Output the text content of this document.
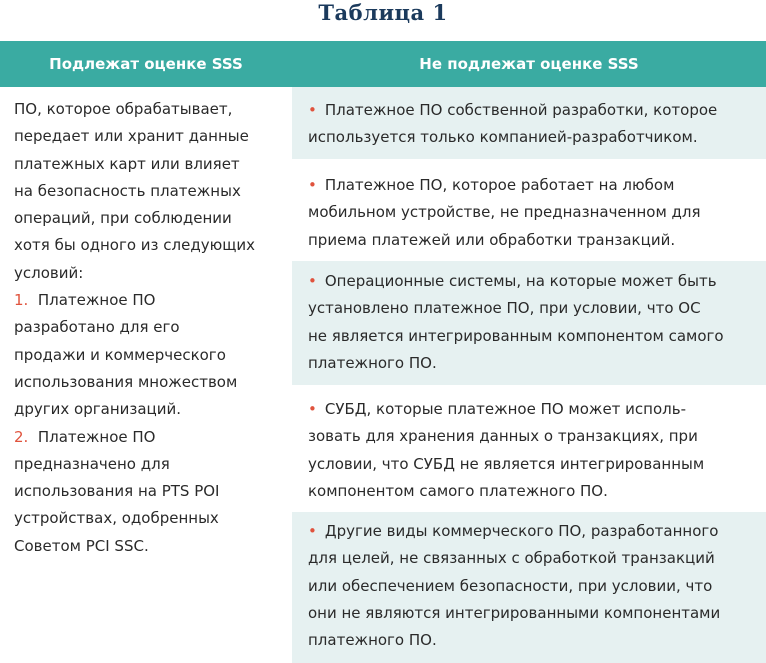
Таблица 1
Подлежат оценке SSS	Не подлежат оценке SSS

ПО, которое обрабатывает,

передает или хранит данные

платежных карт или влияет

на безопасность платежных

операций, при соблюдении

хотя бы одного из следующих

условий:

1. Платежное ПО

разработано для его

продажи и коммерческого

использования множеством

других организаций.

2. Платежное ПО

предназначено для

использования на PTS POI

устройствах, одобренных

Советом PCI SSC.

• Платежное ПО собственной разработки, которое
используется только компанией-разработчиком.
• Платежное ПО, которое работает на любом
мобильном устройстве, не предназначенном для
приема платежей или обработки транзакций.
• Операционные системы, на которые может быть
установлено платежное ПО, при условии, что ОС
не является интегрированным компонентом самого
платежного ПО.
• СУБД, которые платежное ПО может исполь-
зовать для хранения данных о транзакциях, при
условии, что СУБД не является интегрированным
компонентом самого платежного ПО.
• Другие виды коммерческого ПО, разработанного
для целей, не связанных с обработкой транзакций
или обеспечением безопасности, при условии, что
они не являются интегрированными компонентами
платежного ПО.
